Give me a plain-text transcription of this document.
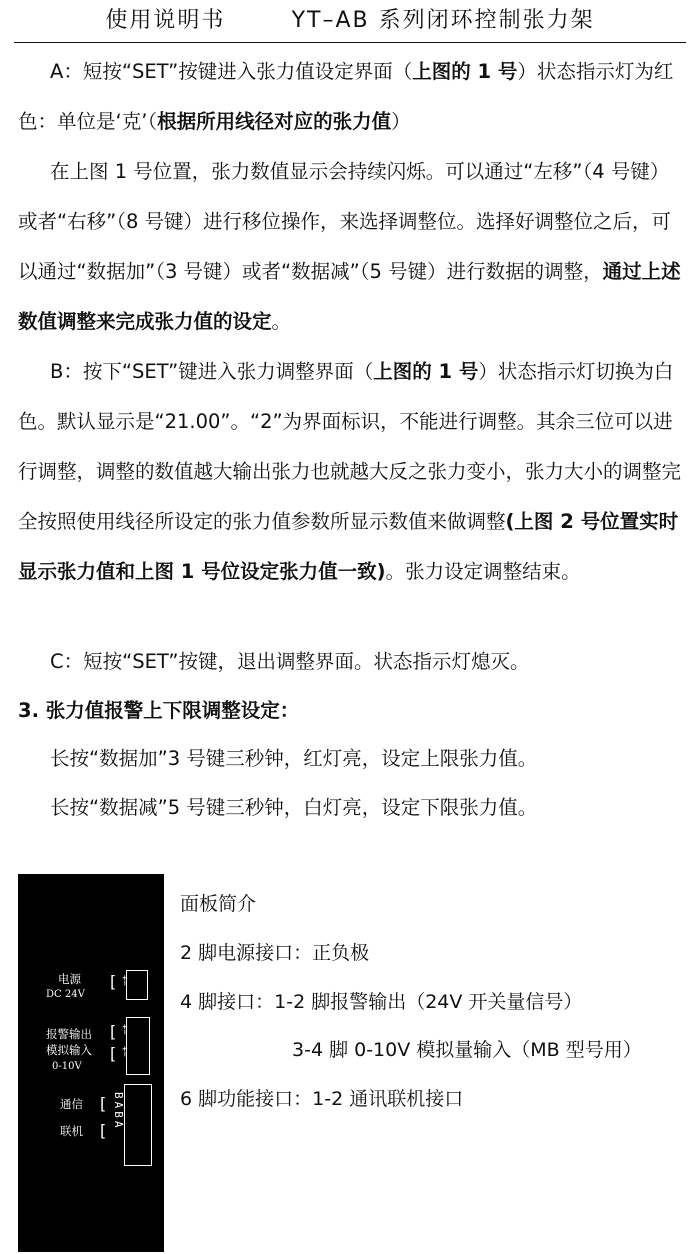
使用说明书	YT–AB 系列闭环控制张力架

A：短按“SET”按键进入张力值设定界面（上图的 1 号）状态指示灯为红色：单位是‘克’（根据所用线径对应的张力值）

在上图 1 号位置，张力数值显示会持续闪烁。可以通过“左移”（4 号键）或者“右移”（8 号键）进行移位操作，来选择调整位。选择好调整位之后，可以通过“数据加”（3 号键）或者“数据减”（5 号键）进行数据的调整，通过上述数值调整来完成张力值的设定。

B：按下“SET”键进入张力调整界面（上图的 1 号）状态指示灯切换为白色。默认显示是“21.00”。“2”为界面标识，不能进行调整。其余三位可以进行调整，调整的数值越大输出张力也就越大反之张力变小，张力大小的调整完全按照使用线径所设定的张力值参数所显示数值来做调整(上图 2 号位置实时显示张力值和上图 1 号位设定张力值一致)。张力设定调整结束。

C：短按“SET”按键，退出调整界面。状态指示灯熄灭。

3. 张力值报警上下限调整设定：

长按“数据加”3 号键三秒钟，红灯亮，设定上限张力值。

长按“数据减”5 号键三秒钟，白灯亮，设定下限张力值。

电源
DC 24V
[ +−
报警输出
模拟输入
0-10V
[
[
+−
+−
通信
联机
[
[ BABA
面板简介
2 脚电源接口：正负极
4 脚接口：1-2 脚报警输出（24V 开关量信号）
3-4 脚 0-10V 模拟量输入（MB 型号用）
6 脚功能接口：1-2 通讯联机接口
